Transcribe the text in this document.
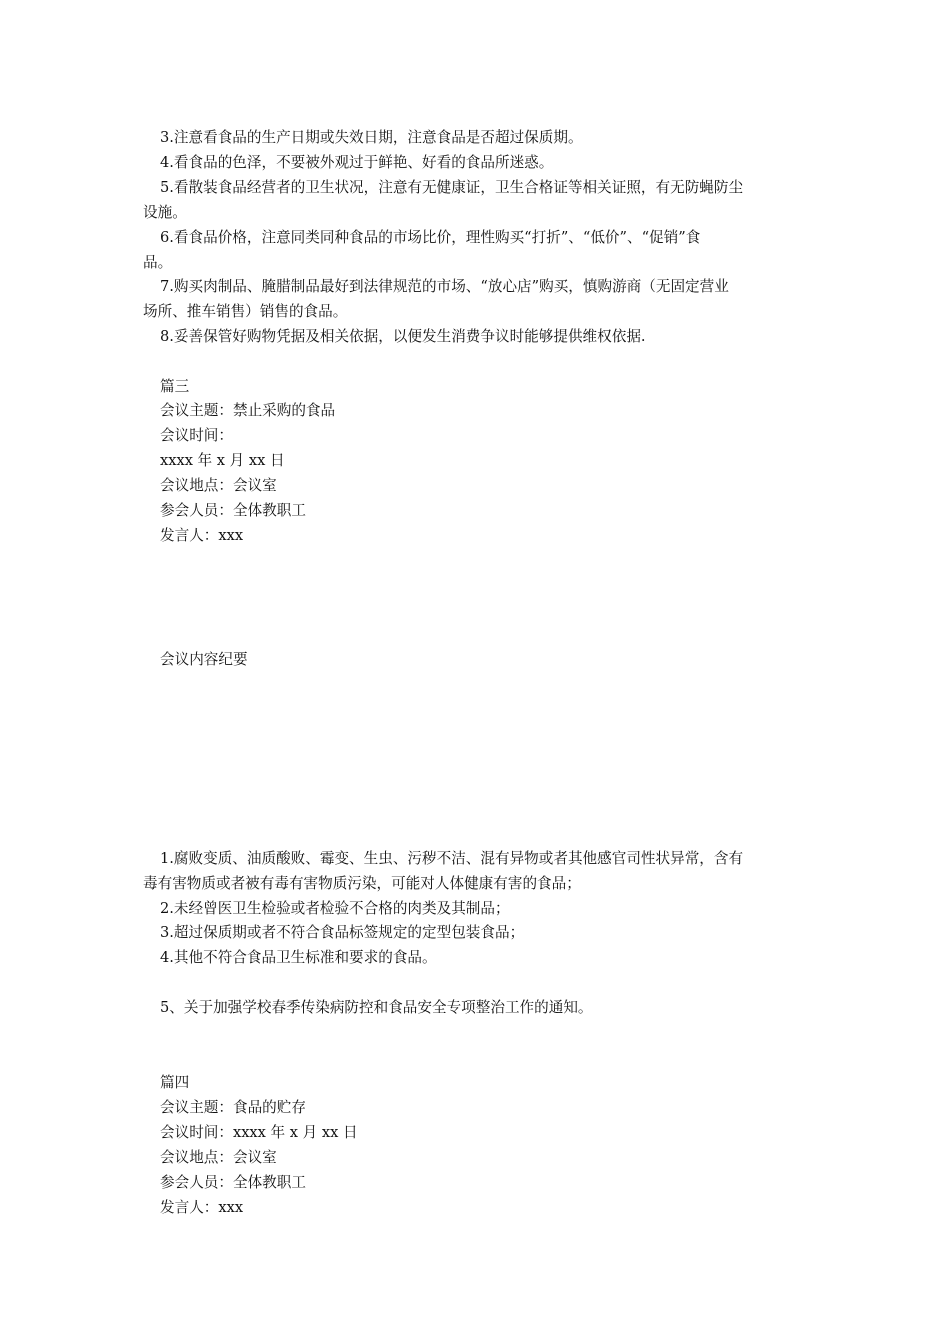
3.注意看食品的生产日期或失效日期，注意食品是否超过保质期。
4.看食品的色泽，不要被外观过于鲜艳、好看的食品所迷惑。
5.看散装食品经营者的卫生状况，注意有无健康证，卫生合格证等相关证照，有无防蝇防尘
设施。
6.看食品价格，注意同类同种食品的市场比价，理性购买“打折”、“低价”、“促销”食
品。
7.购买肉制品、腌腊制品最好到法律规范的市场、“放心店”购买，慎购游商（无固定营业
场所、推车销售）销售的食品。
8.妥善保管好购物凭据及相关依据，以便发生消费争议时能够提供维权依据.
篇三
会议主题：禁止采购的食品
会议时间：
xxxx 年 x 月 xx 日
会议地点：会议室
参会人员：全体教职工
发言人：xxx
会议内容纪要
1.腐败变质、油质酸败、霉变、生虫、污秽不洁、混有异物或者其他感官司性状异常，含有
毒有害物质或者被有毒有害物质污染，可能对人体健康有害的食品；
2.未经曾医卫生检验或者检验不合格的肉类及其制品；
3.超过保质期或者不符合食品标签规定的定型包装食品；
4.其他不符合食品卫生标准和要求的食品。
5、关于加强学校春季传染病防控和食品安全专项整治工作的通知。
篇四
会议主题：食品的贮存
会议时间：xxxx 年 x 月 xx 日
会议地点：会议室
参会人员：全体教职工
发言人：xxx
